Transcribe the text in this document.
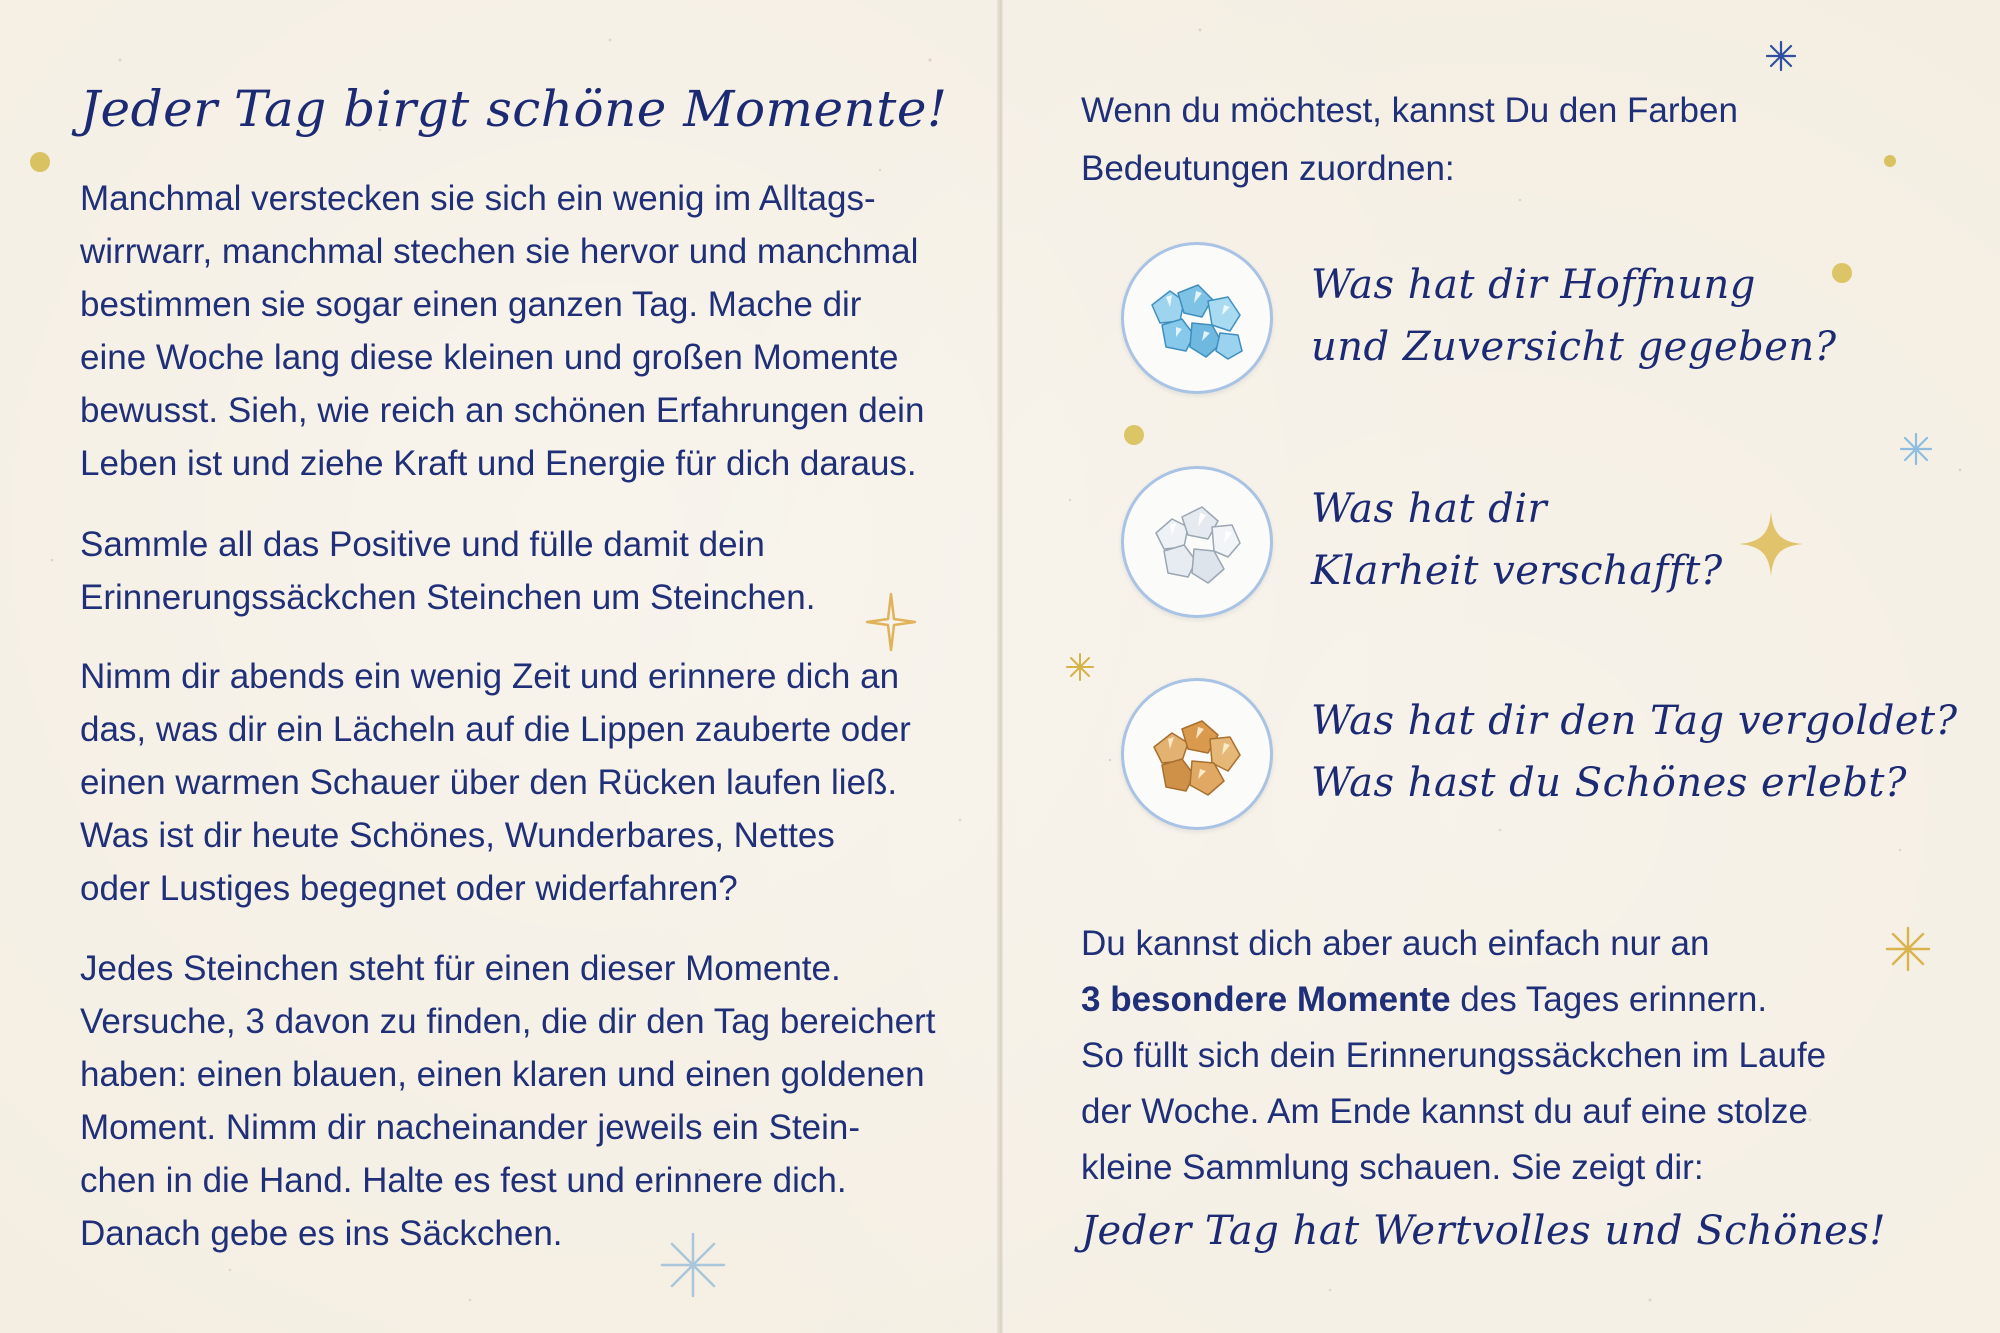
Jeder Tag birgt schöne Momente!

Manchmal verstecken sie sich ein wenig im Alltags-
wirrwarr, manchmal stechen sie hervor und manchmal
bestimmen sie sogar einen ganzen Tag. Mache dir
eine Woche lang diese kleinen und großen Momente
bewusst. Sieh, wie reich an schönen Erfahrungen dein
Leben ist und ziehe Kraft und Energie für dich daraus.

Sammle all das Positive und fülle damit dein
Erinnerungssäckchen Steinchen um Steinchen.

Nimm dir abends ein wenig Zeit und erinnere dich an
das, was dir ein Lächeln auf die Lippen zauberte oder
einen warmen Schauer über den Rücken laufen ließ.
Was ist dir heute Schönes, Wunderbares, Nettes
oder Lustiges begegnet oder widerfahren?

Jedes Steinchen steht für einen dieser Momente.
Versuche, 3 davon zu finden, die dir den Tag bereichert
haben: einen blauen, einen klaren und einen goldenen
Moment. Nimm dir nacheinander jeweils ein Stein-
chen in die Hand. Halte es fest und erinnere dich.
Danach gebe es ins Säckchen.

Wenn du möchtest, kannst Du den Farben
Bedeutungen zuordnen:

Was hat dir Hoffnung
und Zuversicht gegeben?
Was hat dir
Klarheit verschafft?
Was hat dir den Tag vergoldet?
Was hast du Schönes erlebt?

Du kannst dich aber auch einfach nur an
3 besondere Momente des Tages erinnern.
So füllt sich dein Erinnerungssäckchen im Laufe
der Woche. Am Ende kannst du auf eine stolze
kleine Sammlung schauen. Sie zeigt dir:

Jeder Tag hat Wertvolles und Schönes!
